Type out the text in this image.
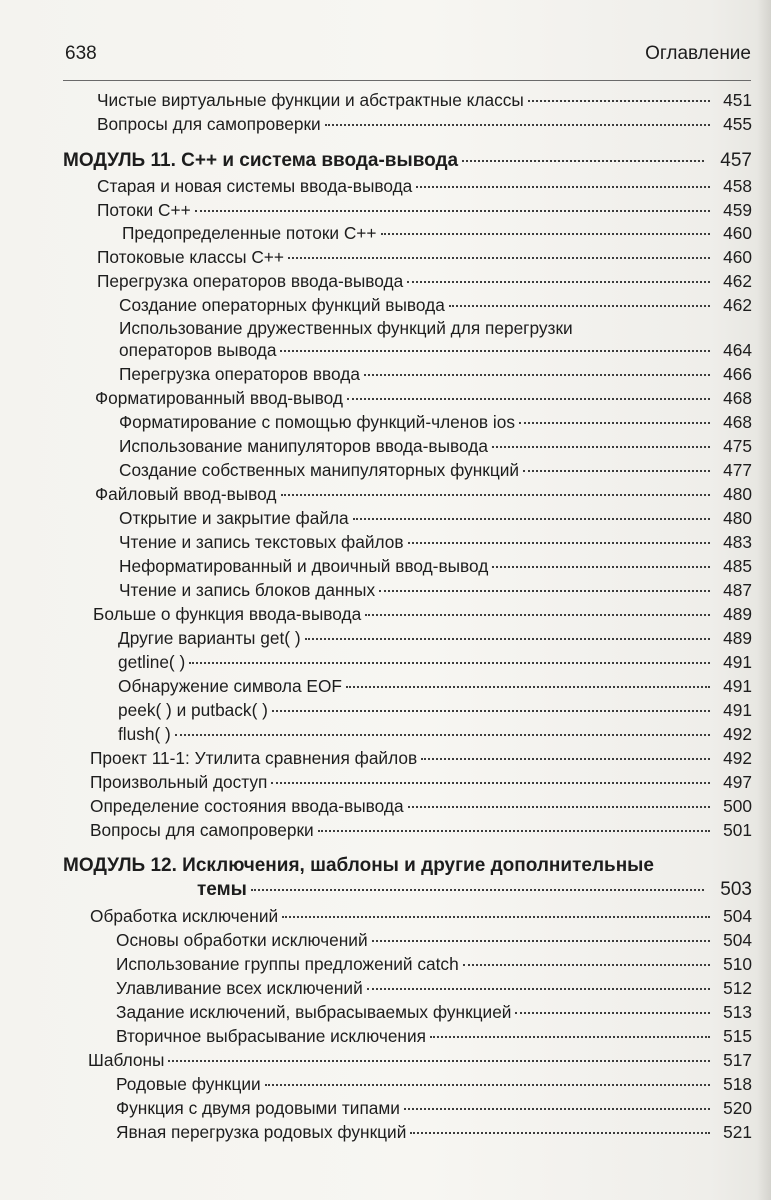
638	Оглавление
Чистые виртуальные функции и абстрактные классы	451
Вопросы для самопроверки	455
МОДУЛЬ 11. С++ и система ввода-вывода	457
Старая и новая системы ввода-вывода	458
Потоки С++	459
Предопределенные потоки С++	460
Потоковые классы С++	460
Перегрузка операторов ввода-вывода	462
Создание операторных функций вывода	462
Использование дружественных функций для перегрузки
операторов вывода	464
Перегрузка операторов ввода	466
Форматированный ввод-вывод	468
Форматирование с помощью функций-членов ios	468
Использование манипуляторов ввода-вывода	475
Создание собственных манипуляторных функций	477
Файловый ввод-вывод	480
Открытие и закрытие файла	480
Чтение и запись текстовых файлов	483
Неформатированный и двоичный ввод-вывод	485
Чтение и запись блоков данных	487
Больше о функция ввода-вывода	489
Другие варианты get( )	489
getline( )	491
Обнаружение символа EOF	491
peek( ) и putback( )	491
flush( )	492
Проект 11-1: Утилита сравнения файлов	492
Произвольный доступ	497
Определение состояния ввода-вывода	500
Вопросы для самопроверки	501
МОДУЛЬ 12. Исключения, шаблоны и другие дополнительные
темы	503
Обработка исключений	504
Основы обработки исключений	504
Использование группы предложений catch	510
Улавливание всех исключений	512
Задание исключений, выбрасываемых функцией	513
Вторичное выбрасывание исключения	515
Шаблоны	517
Родовые функции	518
Функция с двумя родовыми типами	520
Явная перегрузка родовых функций	521
